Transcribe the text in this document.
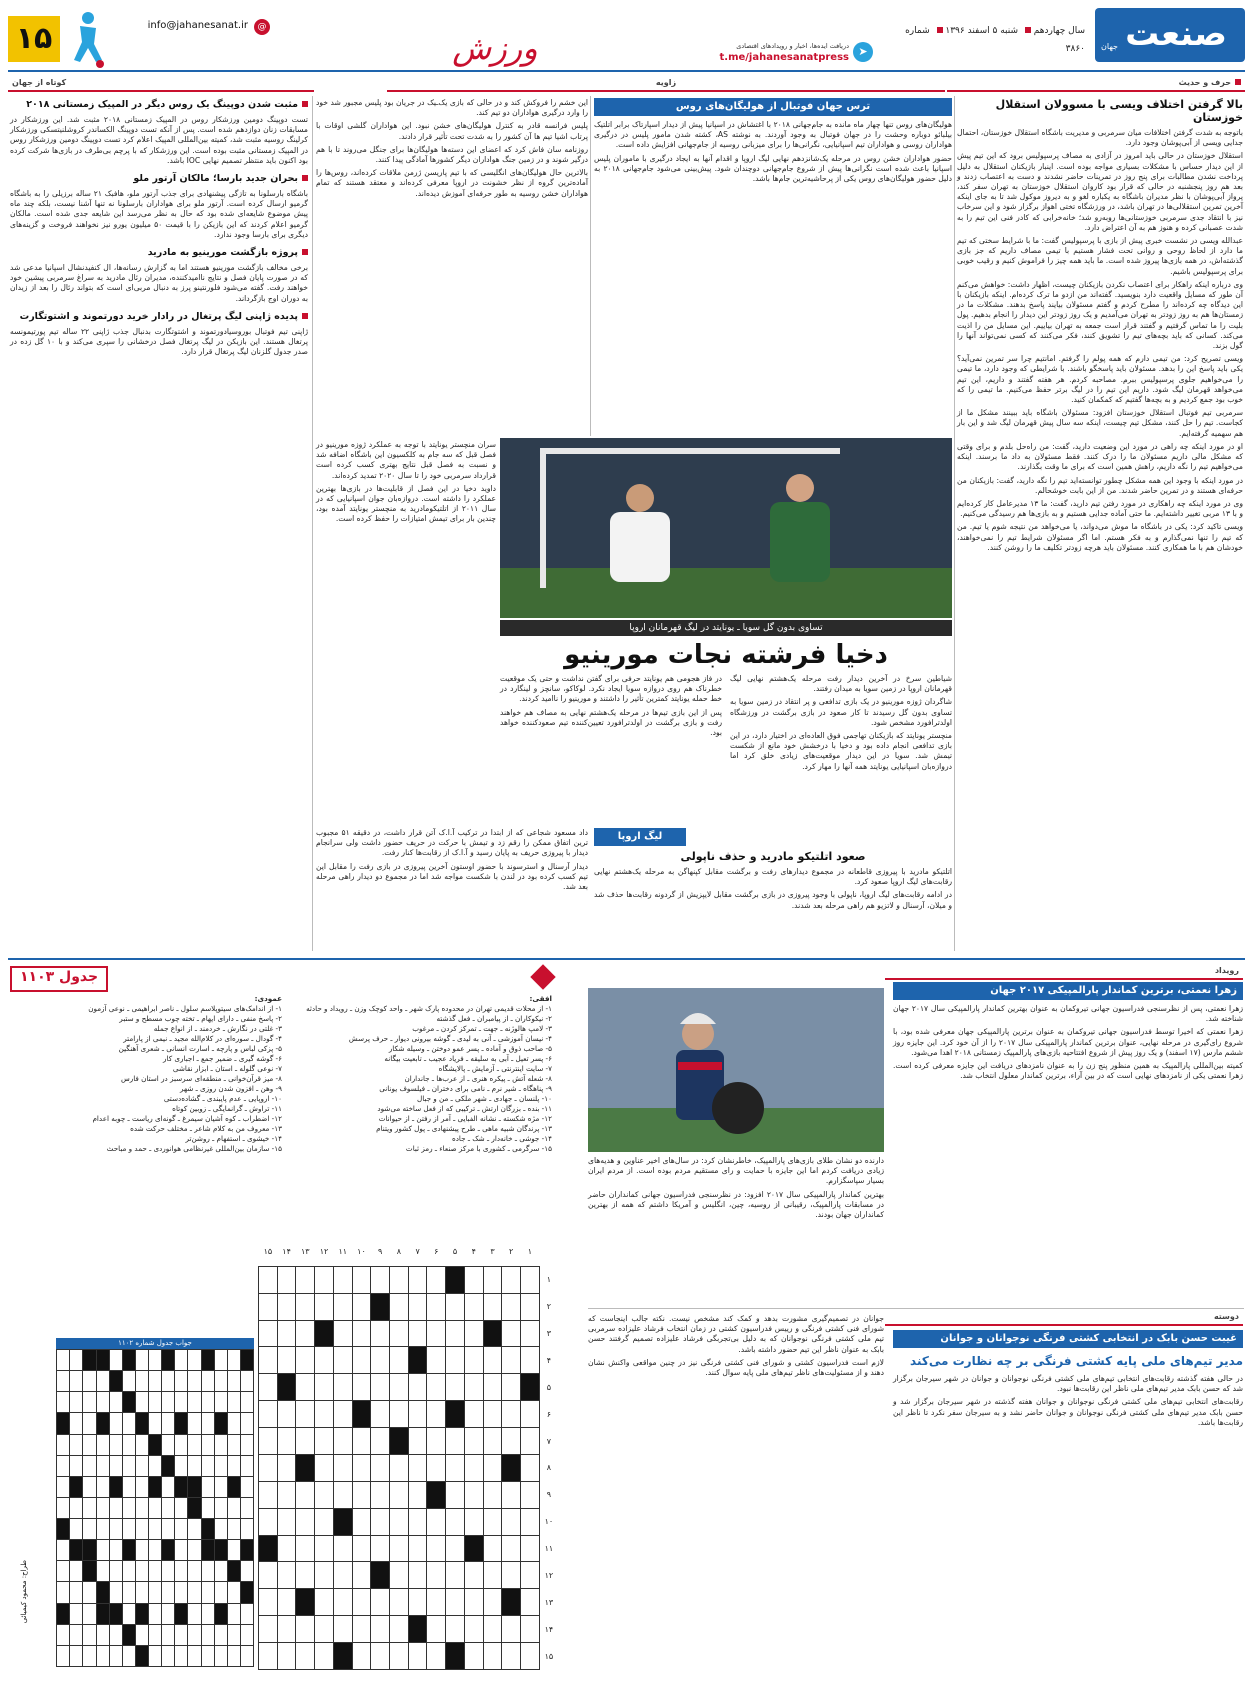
صنعت
جهان
سال چهاردهم  شنبه ۵ اسفند ۱۳۹۶  شماره ۳۸۶۰
➤
دریافت ایده‌ها، اخبار و رویدادهای اقتصادی
t.me/jahanesanatpress
ورزش
@
info@jahanesanat.ir
۱۵
حرف و حدیث
زاویه
کوتاه از جهان
بالا گرفتن اختلاف ویسی با مسوولان استقلال خوزستان

باتوجه به شدت گرفتن اختلافات میان سرمربی و مدیریت باشگاه استقلال خوزستان، احتمال جدایی ویسی از آبی‌پوشان وجود دارد.

استقلال خوزستان در حالی باید امروز در آزادی به مصاف پرسپولیس برود که این تیم پیش از این دیدار حساس با مشکلات بسیاری مواجه بوده است. اینبار بازیکنان استقلال به دلیل پرداخت نشدن مطالبات برای پنج روز در تمرینات حاضر نشدند و دست به اعتصاب زدند و بعد هم روز پنجشنبه در حالی که قرار بود کاروان استقلال خوزستان به تهران سفر کند، پرواز آبی‌پوشان با نظر مدیران باشگاه به یکباره لغو و به دیروز موکول شد تا به جای اینکه آخرین تمرین استقلالی‌ها در تهران باشد، در ورزشگاه تختی اهواز برگزار شود و این سرخاب نیز با انتقاد جدی سرمربی خوزستانی‌ها روبه‌رو شد؛ خانه‌خرابی که کادر فنی این تیم را به شدت عصبانی کرده و هنوز هم به آن اعتراض دارد.

عبدالله ویسی در نشست خبری پیش از بازی با پرسپولیس گفت: ما با شرایط سختی که تیم ما دارد از لحاظ روحی و روانی تحت فشار هستیم با تیمی مصاف داریم که جز بازی گذشته‌اش، در همه بازی‌ها پیروز شده است. ما باید همه چیز را فراموش کنیم و رقیب خوبی برای پرسپولیس باشیم.

وی درباره اینکه راهکار برای اعتصاب نکردن بازیکنان چیست، اظهار داشت: خواهش می‌کنم آن طور که مسایل واقعیت دارد بنویسید. گفته‌اند من ازدو ما ترک کرده‌ام. اینکه بازیکنان با این دیدگاه چه کرده‌اند را مطرح کردم و گفتم مسئولان بیایند پاسخ بدهند. مشکلات ما در زمستان‌ها هم به روز زودتر به تهران می‌آمدیم و یک روز زودتر این دیدار را انجام بدهیم. پول بلیت را ما تماس گرفتیم و گفتند قرار است جمعه به تهران بیاییم. این مسایل من را اذیت می‌کند. کسانی که باید بچه‌های تیم را تشویق کنند، فکر می‌کنند که کسی نمی‌تواند آنها را گول بزند.

ویسی تصریح کرد: من تیمی دارم که همه پولم را گرفتم. امانتیم چرا سر تمرین نمی‌آید؟ یکی باید پاسخ این را بدهد. مسئولان باید پاسخگو باشند. با شرایطی که وجود دارد، ما تیمی را می‌خواهیم جلوی پرسپولیس ببرم. مصاحبه کردم. هر هفته گفتند و داریم، این تیم می‌خواهد قهرمان لیگ شود. داریم این تیم را در لیگ برتر حفظ می‌کنیم. ما تیمی را که خوب بود جمع کردیم و به بچه‌ها گفتیم که کمکمان کنید.

سرمربی تیم فوتبال استقلال خوزستان افزود: مسئولان باشگاه باید ببینند مشکل ما از کجاست. تیم را حل کنند، مشکل تیم چیست، اینکه سه سال پیش قهرمان لیگ شد و این بار هم سهمیه گرفته‌ایم.

او در مورد اینکه چه راهی در مورد این وضعیت دارید، گفت: من راه‌حل بلدم و برای وقتی که مشکل مالی داریم مسئولان ما را درک کنند. فقط مسئولان به داد ما برسند. اینکه می‌خواهیم تیم را نگه داریم، راهش همین است که برای ما وقت بگذارند.

در مورد اینکه با وجود این همه مشکل چطور توانسته‌اید تیم را نگه دارید، گفت: بازیکنان من حرفه‌ای هستند و در تمرین حاضر شدند. من از این بابت خوشحالم.

وی در مورد اینکه چه راهکاری در مورد رفتن تیم دارید، گفت: ما ۱۳ مدیرعامل کار کرده‌ایم و با ۱۳ مربی تغییر داشته‌ایم. ما حتی آماده جدایی هستیم و به بازی‌ها هم رسیدگی می‌کنیم.

ویسی تاکید کرد: یکی در باشگاه ما موش می‌دواند، یا می‌خواهد من نتیجه شوم یا تیم. من که تیم را تنها نمی‌گذارم و به فکر هستم. اما اگر مسئولان شرایط تیم را نمی‌خواهند، خودشان هم با ما همکاری کنند. مسئولان باید هرچه زودتر تکلیف ما را روشن کنند.

ترس جهان فوتبال از هولیگان‌های روس

هولیگان‌های روس تنها چهار ماه مانده به جام‌جهانی ۲۰۱۸ با اغتشاش در اسپانیا پیش از دیدار اسپارتاک برابر اتلتیک بیلبائو دوباره وحشت را در جهان فوتبال به وجود آوردند. به نوشته AS، کشته شدن مامور پلیس در درگیری هواداران روسی و هواداران تیم اسپانیایی، نگرانی‌ها را برای میزبانی روسیه از جام‌جهانی افزایش داده است.

حضور هواداران خشن روس در مرحله یک‌شانزدهم نهایی لیگ اروپا و اقدام آنها به ایجاد درگیری با ماموران پلیس اسپانیا باعث شده است نگرانی‌ها پیش از شروع جام‌جهانی دوچندان شود. پیش‌بینی می‌شود جام‌جهانی ۲۰۱۸ به دلیل حضور هولیگان‌های روس یکی از پرحاشیه‌ترین جام‌ها باشد.

این خشم را فروکش کند و در حالی که بازی یک‌ـیک در جریان بود پلیس مجبور شد خود را وارد درگیری هواداران دو تیم کند.

پلیس فرانسه قادر به کنترل هولیگان‌های خشن نبود. این هواداران گلشی اوقات با پرتاب اشیا تیم ها آن کشور را به شدت تحت تأثیر قرار دادند.

روزنامه سان فاش کرد که اعضای این دسته‌ها هولیگان‌ها برای جنگل می‌روند تا با هم درگیر شوند و در زمین جنگ هواداران دیگر کشورها آمادگی پیدا کنند.

بالاترین حال هولیگان‌های انگلیسی که با تیم پاریسن ژرمن ملاقات کرده‌اند، روس‌ها را آماده‌ترین گروه از نظر خشونت در اروپا معرفی کرده‌اند و معتقد هستند که تمام هواداران خشن روسیه به طور حرفه‌ای آموزش دیده‌اند.

تساوی بدون گل سویا ـ یونایتد در لیگ قهرمانان اروپا
دخیا فرشته نجات مورینیو

شیاطین سرخ در آخرین دیدار رفت مرحله یک‌هشتم نهایی لیگ قهرمانان اروپا در زمین سویا به میدان رفتند.

شاگردان ژوزه مورینیو در یک بازی تدافعی و پر انتقاد در زمین سویا به تساوی بدون گل رسیدند تا کار صعود در بازی برگشت در ورزشگاه اولدترافورد مشخص شود.

منچستر یونایتد که بازیکنان تهاجمی فوق العاده‌ای در اختیار دارد، در این بازی تدافعی انجام داده بود و دخیا با درخشش خود مانع از شکست تیمش شد. سویا در این دیدار موقعیت‌های زیادی خلق کرد اما دروازه‌بان اسپانیایی یونایتد همه آنها را مهار کرد.

در فاز هجومی هم یونایتد حرفی برای گفتن نداشت و حتی یک موقعیت خطرناک هم روی دروازه سویا ایجاد نکرد. لوکاکو، سانچز و لینگارد در خط حمله یونایتد کمترین تأثیر را داشتند و مورینیو را ناامید کردند.

پس از این بازی تیم‌ها در مرحله یک‌هشتم نهایی به مصاف هم خواهند رفت و بازی برگشت در اولدترافورد تعیین‌کننده تیم صعودکننده خواهد بود.

سران منچستر یونایتد با توجه به عملکرد ژوزه مورینیو در فصل قبل که سه جام به کلکسیون این باشگاه اضافه شد و نسبت به فصل قبل نتایج بهتری کسب کرده است قرارداد سرمربی خود را تا سال ۲۰۲۰ تمدید کرده‌اند.

داوید دخیا در این فصل از قابلیت‌ها در بازی‌ها بهترین عملکرد را داشته است. دروازه‌بان جوان اسپانیایی که در سال ۲۰۱۱ از اتلتیکومادرید به منچستر یونایتد آمده بود، چندین بار برای تیمش امتیازات را حفظ کرده است.

لیگ اروپا
صعود اتلتیکو مادرید و حذف ناپولی

اتلتیکو مادرید با پیروزی قاطعانه در مجموع دیدارهای رفت و برگشت مقابل کپنهاگن به مرحله یک‌هشتم نهایی رقابت‌های لیگ اروپا صعود کرد.

در ادامه رقابت‌های لیگ اروپا، ناپولی با وجود پیروزی در بازی برگشت مقابل لایپزیش از گردونه رقابت‌ها حذف شد و میلان، آرسنال و لاتزیو هم راهی مرحله بعد شدند.

داد مسعود شجاعی که از ابتدا در ترکیب آ.ا.ک آتن قرار داشت، در دقیقه ۵۱ مجبوب ترین اتفاق ممکن را رقم زد و تیمش با حرکت در حریف حضور داشت ولی سرانجام دیدار با پیروزی حریف به پایان رسید و آ.ا.ک از رقابت‌ها کنار رفت.

دیدار آرسنال و استرسوند با حضور اوستون آخرین پیروزی در بازی رفت را مقابل این تیم کسب کرده بود در لندن با شکست مواجه شد اما در مجموع دو دیدار راهی مرحله بعد شد.

مثبت شدن دوپینگ یک روس دیگر در المپیک زمستانی ۲۰۱۸
تست دوپینگ دومین ورزشکار روس در المپیک زمستانی ۲۰۱۸ مثبت شد. این ورزشکار در مسابقات زنان دوازدهم شده است. پس از آنکه تست دوپینگ الکساندر کروشلنیتسکی ورزشکار کرلینگ روسیه مثبت شد، کمیته بین‌المللی المپیک اعلام کرد تست دوپینگ دومین ورزشکار روس در المپیک زمستانی مثبت بوده است. این ورزشکار که با پرچم بی‌طرف در بازی‌ها شرکت کرده بود اکنون باید منتظر تصمیم نهایی IOC باشد.
بحران جدید بارسا؛ مالکان آرتور ملو
باشگاه بارسلونا به تازگی پیشنهادی برای جذب آرتور ملو، هافبک ۲۱ ساله برزیلی را به باشگاه گرمیو ارسال کرده است. آرتور ملو برای هواداران بارسلونا نه تنها آشنا نیست، بلکه چند ماه پیش موضوع شایعه‌ای شده بود که حال به نظر می‌رسد این شایعه جدی شده است. مالکان گرمیو اعلام کردند که این بازیکن را با قیمت ۵۰ میلیون یورو نیز نخواهند فروخت و گزینه‌های دیگری برای بارسا وجود ندارد.
پروژه بازگشت مورینیو به مادرید
برخی مخالف بازگشت مورینیو هستند اما به گزارش رسانه‌ها، ال کنفیدنشال اسپانیا مدعی شد که در صورت پایان فصل و نتایج ناامیدکننده، مدیران رئال مادرید به سراغ سرمربی پیشین خود خواهند رفت. گفته می‌شود فلورنتینو پرز به دنبال مربی‌ای است که بتواند رئال را بعد از زیدان به دوران اوج بازگرداند.
پدیده ژاپنی لیگ پرتغال در رادار خرید دورتموند و اشتوتگارت
ژاپنی تیم فوتبال بوروسیادورتموند و اشتوتگارت بدنبال جذب ژاپنی ۲۲ ساله تیم پورتیمونسه پرتغال هستند. این بازیکن در لیگ پرتغال فصل درخشانی را سپری می‌کند و با ۱۰ گل زده در صدر جدول گلزنان لیگ پرتغال قرار دارد.
جدول ۱۱۰۳
افقی:
۱- از محلات قدیمی تهران در محدوده پارک شهر ـ واحد کوچک وزن ـ رویداد و حادثه
۲- نیکوکاران ـ از پیامبران ـ فعل گذشته
۳- لامپ هالوژنه ـ جهت ـ تمرکز کردن ـ مرغوب
۴- نیسان آموزشی ـ آنی به لیدی ـ گوشه بیرونی دیوار ـ حرف پرسش
۵- صاحب ذوق و آماده ـ پسر عمو دوختن ـ وسیله شکار
۶- پسر تعیل ـ آبی به سلیقه ـ فریاد عجیب ـ تابعیت بیگانه
۷- سایت اینترنتی ـ آزمایش ـ پالایشگاه
۸- شعله آتش ـ پیکره هنری ـ از عرب‌ها ـ جانداران
۹- پناهگاه ـ شیر نرم ـ نامی برای دختران ـ فیلسوف یونانی
۱۰- پلنسان ـ جهادی ـ شهر ملکی ـ من و جبال
۱۱- بنده ـ بزرگان ارتش ـ ترکیبی که از فعل ساخته می‌شود
۱۲- مژه شکسته ـ نشانه الفبایی ـ آمر از رفتن ـ از حیوانات
۱۳- پرندگان شبیه ماهی ـ طرح پیشنهادی ـ پول کشور ویتنام
۱۴- جوشی ـ خانه‌دار ـ شک ـ جاده
۱۵- سرگرمی ـ کشوری با مرکز صنعاء ـ رمز ثبات
عمودی:
۱- از اندامک‌های سیتوپلاسم سلول ـ ناصر ابراهیمی ـ نوعی آزمون
۲- پاسخ منفی ـ دارای ایهام ـ تخته چوب مسطح و ستبر
۳- غلتی در نگارش ـ خردمند ـ از انواع جمله
۴- گودال ـ سوره‌ای در کلام‌الله مجید ـ نیمی از پارامتر
۵- پزکی لباس و پارچه ـ اسارت انسانی ـ شعری آهنگین
۶- گوشه گیری ـ ضمیر جمع ـ اجباری کار
۷- نوعی گلوله ـ استان ـ ابزار نقاشی
۸- میز قرآن‌خوانی ـ منطقه‌ای سرسبز در استان فارس
۹- وهن ـ افزون شدن روزی ـ شهر
۱۰- اروپایی ـ عدم پایبندی ـ گشاده‌دستی
۱۱- تراوش ـ گرانمایگی ـ زوبین کوتاه
۱۲- اضطراب ـ کوه آشیان سیمرغ ـ گونه‌ای ریاست ـ چوبه اعدام
۱۳- معروف من به کلام شاعر ـ مختلف حرکت شده
۱۴- خیشوی ـ استفهام ـ روشن‌تر
۱۵- سازمان بین‌المللی غیرنظامی هوانوردی ـ حمد و مباحث
	۱	۲	۳	۴	۵	۶	۷	۸	۹	۱۰	۱۱	۱۲	۱۳	۱۴	۱۵
۱															
۲															
۳															
۴															
۵															
۶															
۷															
۸															
۹															
۱۰															
۱۱															
۱۲															
۱۳															
۱۴															
۱۵															
جواب جدول شماره ۱۱۰۲

طراح: محمود کیمیائی
رویداد
زهرا نعمتی، برترین کماندار پارالمپیکی ۲۰۱۷ جهان

زهرا نعمتی، پس از نظرسنجی فدراسیون جهانی تیروکمان به عنوان بهترین کماندار پارالمپیکی سال ۲۰۱۷ جهان شناخته شد.

زهرا نعمتی که اخیرا توسط فدراسیون جهانی تیروکمان به عنوان برترین پارالمپیکی جهان معرفی شده بود، با شروع رای‌گیری در مرحله نهایی، عنوان برترین کماندار پارالمپیکی سال ۲۰۱۷ را از آن خود کرد. این جایزه روز ششم مارس (۱۷ اسفند) و یک روز پیش از شروع افتتاحیه بازی‌های پارالمپیک زمستانی ۲۰۱۸ اهدا می‌شود.

کمیته بین‌المللی پارالمپیک به همین منظور پنج زن را به عنوان نامزدهای دریافت این جایزه معرفی کرده است. زهرا نعمتی یکی از نامزدهای نهایی است که در بین آراء، برترین کماندار معلول انتخاب شد.

دارنده دو نشان طلای بازی‌های پارالمپیک، خاطرنشان کرد: در سال‌های اخیر عناوین و هدیه‌های زیادی دریافت کردم اما این جایزه با حمایت و رای مستقیم مردم بوده است. از مردم ایران بسیار سپاسگزارم.

بهترین کماندار پارالمپیکی سال ۲۰۱۷ افزود: در نظرسنجی فدراسیون جهانی کمانداران حاضر در مسابقات پارالمپیک، رقیبانی از روسیه، چین، انگلیس و آمریکا داشتم که همه از بهترین کمانداران جهان بودند.

دوسته
غیبت حسن بابک در انتخابی کشتی فرنگی نوجوانان و جوانان
مدیر تیم‌های ملی پایه کشتی فرنگی بر چه نظارت می‌کند

در حالی هفته گذشته رقابت‌های انتخابی تیم‌های ملی کشتی فرنگی نوجوانان و جوانان در شهر سیرجان برگزار شد که حسن بابک مدیر تیم‌های ملی ناظر این رقابت‌ها نبود.

رقابت‌های انتخابی تیم‌های ملی کشتی فرنگی نوجوانان و جوانان هفته گذشته در شهر سیرجان برگزار شد و حسن بابک مدیر تیم‌های ملی کشتی فرنگی نوجوانان و جوانان حاضر نشد و به سیرجان سفر نکرد تا ناظر این رقابت‌ها باشد.

جوانان در تصمیم‌گیری مشورت بدهد و کمک کند مشخص نیست. نکته جالب اینجاست که شورای فنی کشتی فرنگی و رییس فدراسیون کشتی در زمان انتخاب فرشاد علیزاده سرمربی تیم ملی کشتی فرنگی نوجوانان که به دلیل بی‌تجربگی فرشاد علیزاده تصمیم گرفتند حسن بابک به عنوان ناظر این تیم حضور داشته باشد.

لازم است فدراسیون کشتی و شورای فنی کشتی فرنگی نیز در چنین مواقعی واکنش نشان دهند و از مسئولیت‌های ناظر تیم‌های ملی پایه سوال کنند.
